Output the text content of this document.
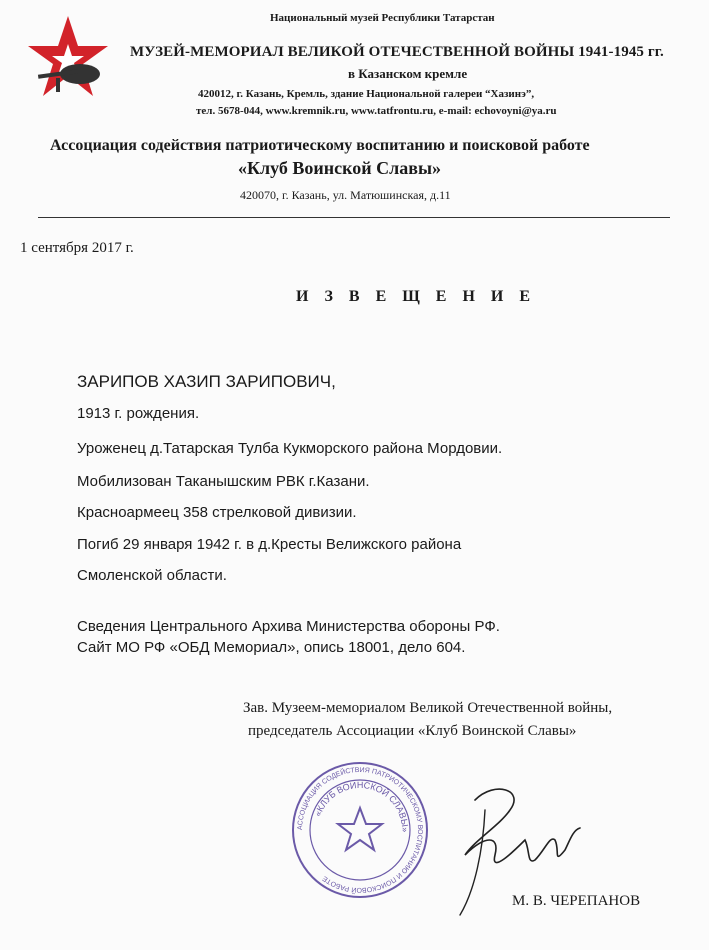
Национальный музей Республики Татарстан
МУЗЕЙ-МЕМОРИАЛ ВЕЛИКОЙ ОТЕЧЕСТВЕННОЙ ВОЙНЫ 1941-1945 гг.
в Казанском кремле
420012, г. Казань, Кремль, здание Национальной галереи “Хазинэ”,
тел. 5678-044, www.kremnik.ru, www.tatfrontu.ru, e-mail: echovoyni@ya.ru
Ассоциация содействия патриотическому воспитанию и поисковой работе
«Клуб Воинской Славы»
420070, г. Казань, ул. Матюшинская, д.11
1 сентября 2017 г.
И З В Е Щ Е Н И Е
ЗАРИПОВ ХАЗИП ЗАРИПОВИЧ,
1913 г. рождения.
Уроженец д.Татарская Тулба Кукморского района Мордовии.
Мобилизован Таканышским РВК г.Казани.
Красноармеец 358 стрелковой дивизии.
Погиб 29 января 1942 г. в д.Кресты Велижского района
Смоленской области.
Сведения Центрального Архива Министерства обороны РФ.
Сайт МО РФ «ОБД Мемориал», опись 18001, дело 604.
Зав. Музеем-мемориалом Великой Отечественной войны,
председатель Ассоциации «Клуб Воинской Славы»
АССОЦИАЦИЯ СОДЕЙСТВИЯ ПАТРИОТИЧЕСКОМУ ВОСПИТАНИЮ И ПОИСКОВОЙ РАБОТЕ
«КЛУБ ВОИНСКОЙ СЛАВЫ»
М. В. ЧЕРЕПАНОВ
